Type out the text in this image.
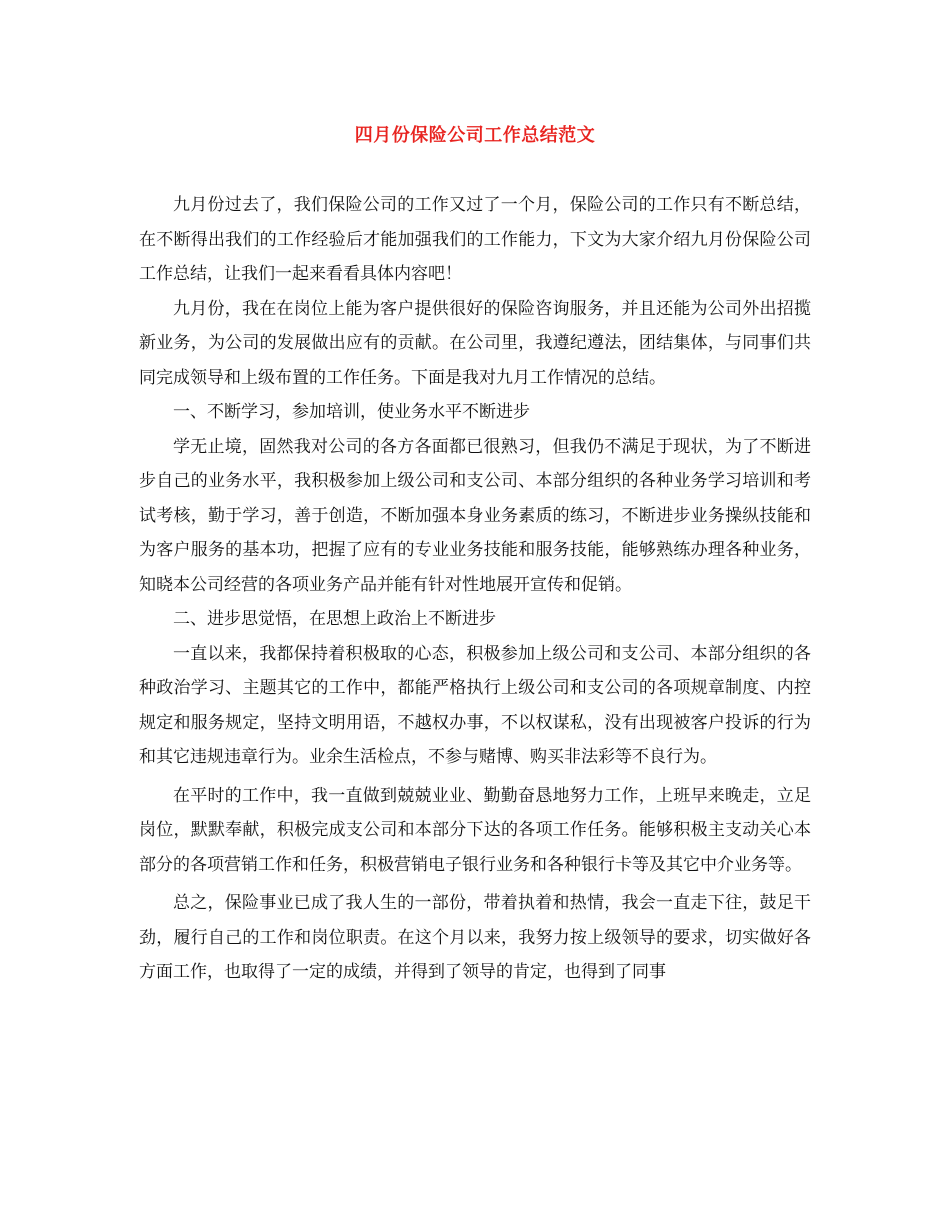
四月份保险公司工作总结范文

九月份过去了，我们保险公司的工作又过了一个月，保险公司的工作只有不断总结，在不断得出我们的工作经验后才能加强我们的工作能力，下文为大家介绍九月份保险公司工作总结，让我们一起来看看具体内容吧！

九月份，我在在岗位上能为客户提供很好的保险咨询服务，并且还能为公司外出招揽新业务，为公司的发展做出应有的贡献。在公司里，我遵纪遵法，团结集体，与同事们共同完成领导和上级布置的工作任务。下面是我对九月工作情况的总结。

一、不断学习，参加培训，使业务水平不断进步

学无止境，固然我对公司的各方各面都已很熟习，但我仍不满足于现状，为了不断进步自己的业务水平，我积极参加上级公司和支公司、本部分组织的各种业务学习培训和考试考核，勤于学习，善于创造，不断加强本身业务素质的练习，不断进步业务操纵技能和为客户服务的基本功，把握了应有的专业业务技能和服务技能，能够熟练办理各种业务，知晓本公司经营的各项业务产品并能有针对性地展开宣传和促销。

二、进步思觉悟，在思想上政治上不断进步

一直以来，我都保持着积极取的心态，积极参加上级公司和支公司、本部分组织的各种政治学习、主题其它的工作中，都能严格执行上级公司和支公司的各项规章制度、内控规定和服务规定，坚持文明用语，不越权办事，不以权谋私，没有出现被客户投诉的行为和其它违规违章行为。业余生活检点，不参与赌博、购买非法彩等不良行为。

在平时的工作中，我一直做到兢兢业业、勤勤奋恳地努力工作，上班早来晚走，立足岗位，默默奉献，积极完成支公司和本部分下达的各项工作任务。能够积极主支动关心本部分的各项营销工作和任务，积极营销电子银行业务和各种银行卡等及其它中介业务等。

总之，保险事业已成了我人生的一部份，带着执着和热情，我会一直走下往，鼓足干劲，履行自己的工作和岗位职责。在这个月以来，我努力按上级领导的要求，切实做好各方面工作，也取得了一定的成绩，并得到了领导的肯定，也得到了同事
